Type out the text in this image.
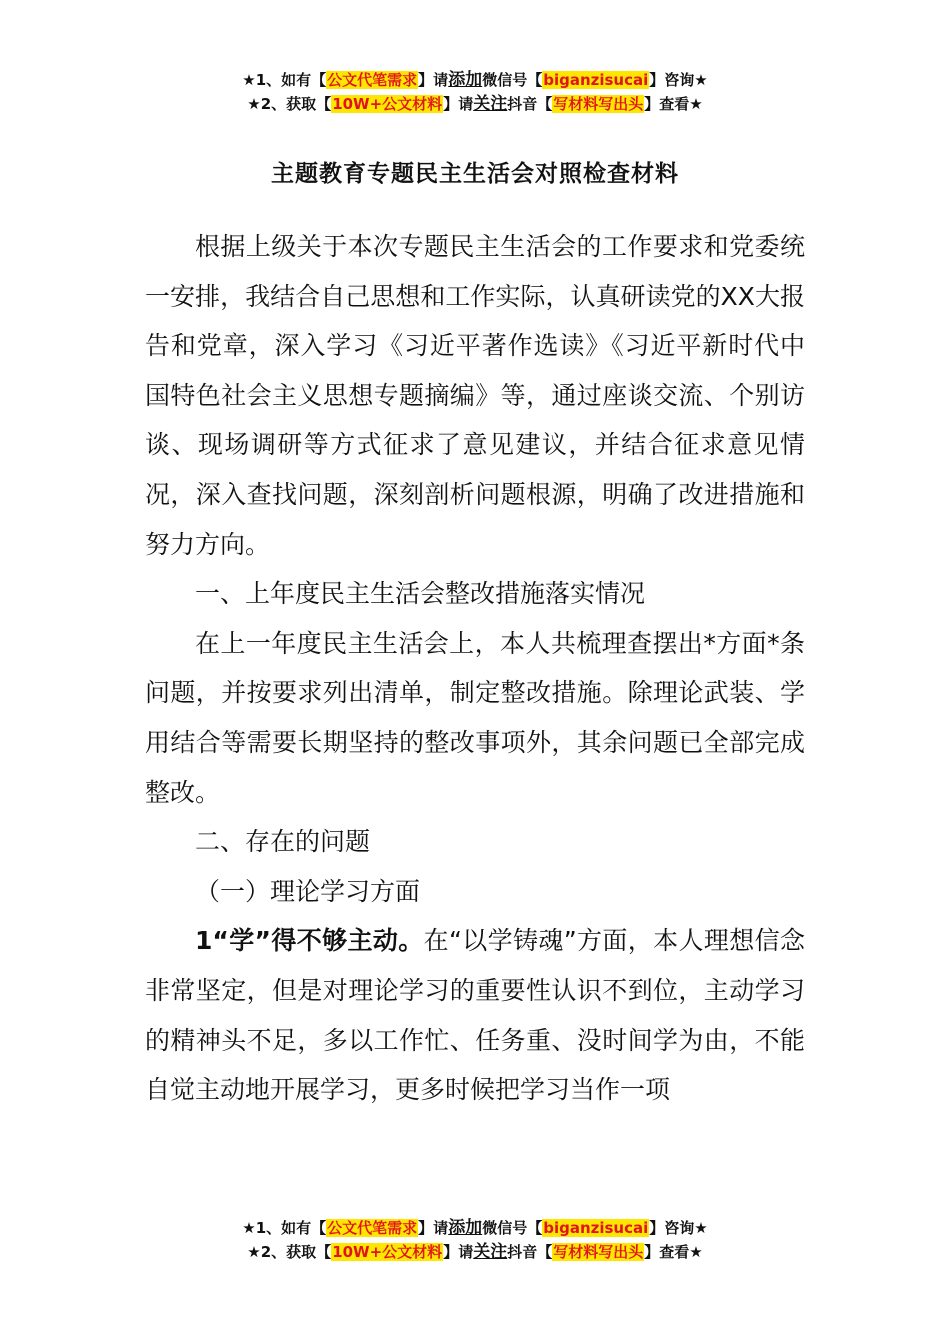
★1、如有【公文代笔需求】请添加微信号【biganzisucai】咨询★
★2、获取【10W+公文材料】请关注抖音【写材料写出头】查看★
主题教育专题民主生活会对照检查材料

根据上级关于本次专题民主生活会的工作要求和党委统一安排，我结合自己思想和工作实际，认真研读党的XX大报告和党章，深入学习《习近平著作选读》《习近平新时代中国特色社会主义思想专题摘编》等，通过座谈交流、个别访谈、现场调研等方式征求了意见建议，并结合征求意见情况，深入查找问题，深刻剖析问题根源，明确了改进措施和努力方向。

一、上年度民主生活会整改措施落实情况

在上一年度民主生活会上，本人共梳理查摆出*方面*条问题，并按要求列出清单，制定整改措施。除理论武装、学用结合等需要长期坚持的整改事项外，其余问题已全部完成整改。

二、存在的问题

（一）理论学习方面

1“学”得不够主动。在“以学铸魂”方面，本人理想信念非常坚定，但是对理论学习的重要性认识不到位，主动学习的精神头不足，多以工作忙、任务重、没时间学为由，不能自觉主动地开展学习，更多时候把学习当作一项

★1、如有【公文代笔需求】请添加微信号【biganzisucai】咨询★
★2、获取【10W+公文材料】请关注抖音【写材料写出头】查看★
